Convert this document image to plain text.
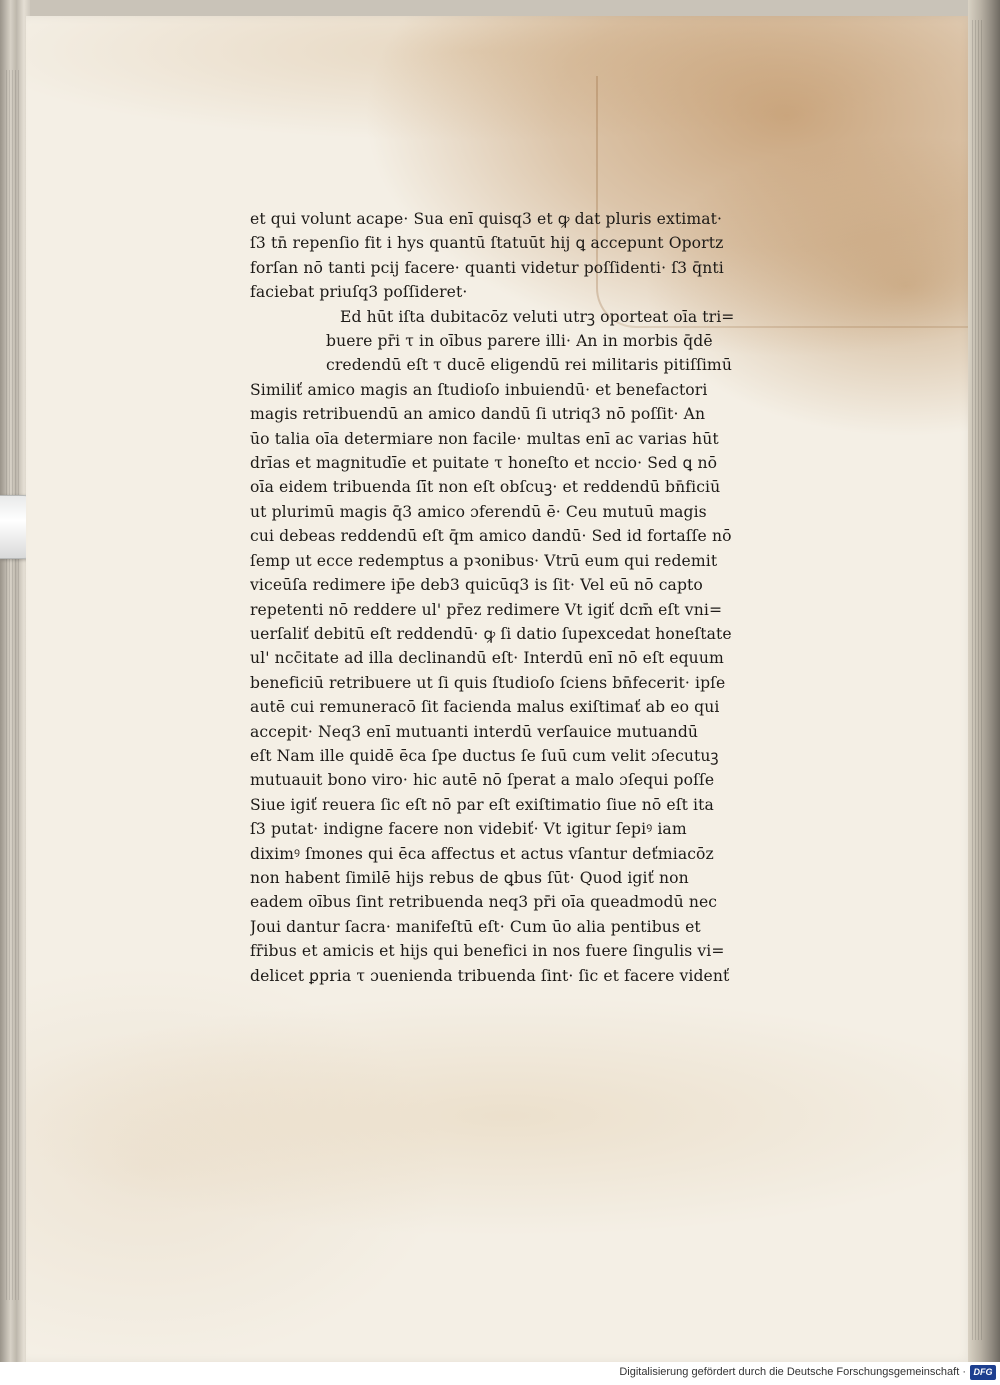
et qui volunt acape· Sua enī quisq3 et ꝙ dat pluris extimat·
ſ3 tn̄ repenſio fit i hys quantū ſtatuūt hij ꝗ accepunt Oportz
forſan nō tanti pcij facere· quanti videtur poſſidenti· ſ3 q̄nti
faciebat priuſq3 poſſideret·
Ed hūt iſta dubitacōz veluti utrꝫ oporteat oīa tri=
buere pr̄i τ in oībus parere illi· An in morbis q̄dē
credendū eſt τ ducē eligendū rei militaris pitiſſimū
Similiť amico magis an ſtudioſo inbuiendū· et benefactori
magis retribuendū an amico dandū ſi utriq3 nō poſſit· An
ūo talia oīa determiare non facile· multas enī ac varias hūt
drīas et magnitudīe et puitate τ honeſto et nccio· Sed ꝗ nō
oīa eidem tribuenda ſīt non eſt obſcuꝫ· et reddendū bn̄ficiū
ut plurimū magis q̄3 amico ɔferendū ē· Ceu mutuū magis
cui debeas reddendū eſt q̄m amico dandū· Sed id fortaſſe nō
ſemp ut ecce redemptus a pꝛonibus· Vtrū eum qui redemit
viceūſa redimere ip̄e deb3 quicūq3 is ſit· Vel eū nō capto
repetenti nō reddere ul' pr̄ez redimere Vt igiť dcm̄ eſt vni=
uerſaliť debitū eſt reddendū· ꝙ ſi datio ſupexcedat honeſtate
ul' ncc̄itate ad illa declinandū eſt· Interdū enī nō eſt equum
beneficiū retribuere ut ſi quis ſtudioſo ſciens bn̄fecerit· ipſe
autē cui remuneracō ſit facienda malus exiſtimať ab eo qui
accepit· Neq3 enī mutuanti interdū verſauice mutuandū
eſt Nam ille quidē ēca ſpe ductus ſe ſuū cum velit ɔſecutuꝫ
mutuauit bono viro· hic autē nō ſperat a malo ɔſequi poſſe
Siue igiť reuera ſic eſt nō par eſt exiſtimatio ſiue nō eſt ita
ſ3 putat· indigne facere non videbiť· Vt igitur ſepiꝰ iam
diximꝰ ſmones qui ēca affectus et actus vſantur deťmiacōz
non habent ſimilē hijs rebus de ꝗbus ſūt· Quod igiť non
eadem oībus ſint retribuenda neq3 pr̄i oīa queadmodū nec
Joui dantur ſacra· manifeſtū eſt· Cum ūo alia pentibus et
fr̄ibus et amicis et hijs qui benefici in nos fuere ſingulis vi=
delicet ꝑpria τ ɔuenienda tribuenda ſint· ſic et facere videnť
Digitalisierung gefördert durch die Deutsche Forschungsgemeinschaft · DFG
